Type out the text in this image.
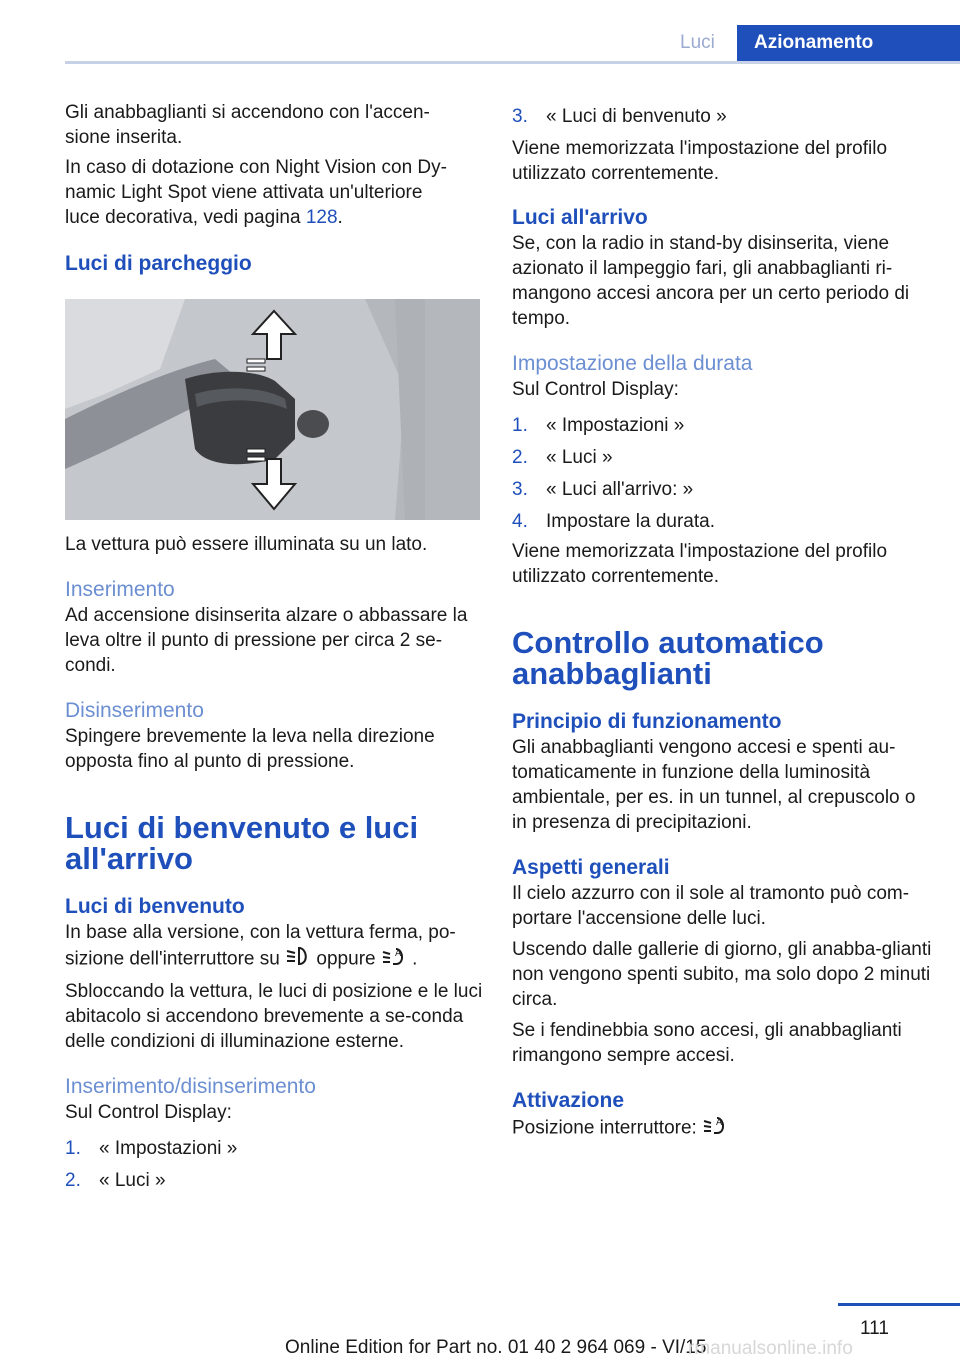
Luci	Azionamento

Gli anabbaglianti si accendono con l'accen‐
sione inserita.

In caso di dotazione con Night Vision con Dy‐
namic Light Spot viene attivata un'ulteriore
luce decorativa, vedi pagina 128.

Luci di parcheggio

La vettura può essere illuminata su un lato.

Inserimento

Ad accensione disinserita alzare o abbassare la leva oltre il punto di pressione per circa 2 se‐condi.

Disinserimento

Spingere brevemente la leva nella direzione opposta fino al punto di pressione.

Luci di benvenuto e luci all'arrivo
Luci di benvenuto

In base alla versione, con la vettura ferma, po‐
sizione dell'interruttore su oppure A .

Sbloccando la vettura, le luci di posizione e le luci abitacolo si accendono brevemente a se‐conda delle condizioni di illuminazione esterne.

Inserimento/disinserimento

Sul Control Display:

1. « Impostazioni »
2. « Luci »
3. « Luci di benvenuto »

Viene memorizzata l'impostazione del profilo utilizzato correntemente.

Luci all'arrivo

Se, con la radio in stand-by disinserita, viene azionato il lampeggio fari, gli anabbaglianti ri‐mangono accesi ancora per un certo periodo di tempo.

Impostazione della durata

Sul Control Display:

1. « Impostazioni »
2. « Luci »
3. « Luci all'arrivo: »
4. Impostare la durata.

Viene memorizzata l'impostazione del profilo utilizzato correntemente.

Controllo automatico anabbaglianti
Principio di funzionamento

Gli anabbaglianti vengono accesi e spenti au‐tomaticamente in funzione della luminosità ambientale, per es. in un tunnel, al crepuscolo o in presenza di precipitazioni.

Aspetti generali

Il cielo azzurro con il sole al tramonto può com‐portare l'accensione delle luci.

Uscendo dalle gallerie di giorno, gli anabba‐glianti non vengono spenti subito, ma solo dopo 2 minuti circa.

Se i fendinebbia sono accesi, gli anabbaglianti rimangono sempre accesi.

Attivazione

Posizione interruttore: A

111
Online Edition for Part no. 01 40 2 964 069 - VI/15
rmanualsonline.info
